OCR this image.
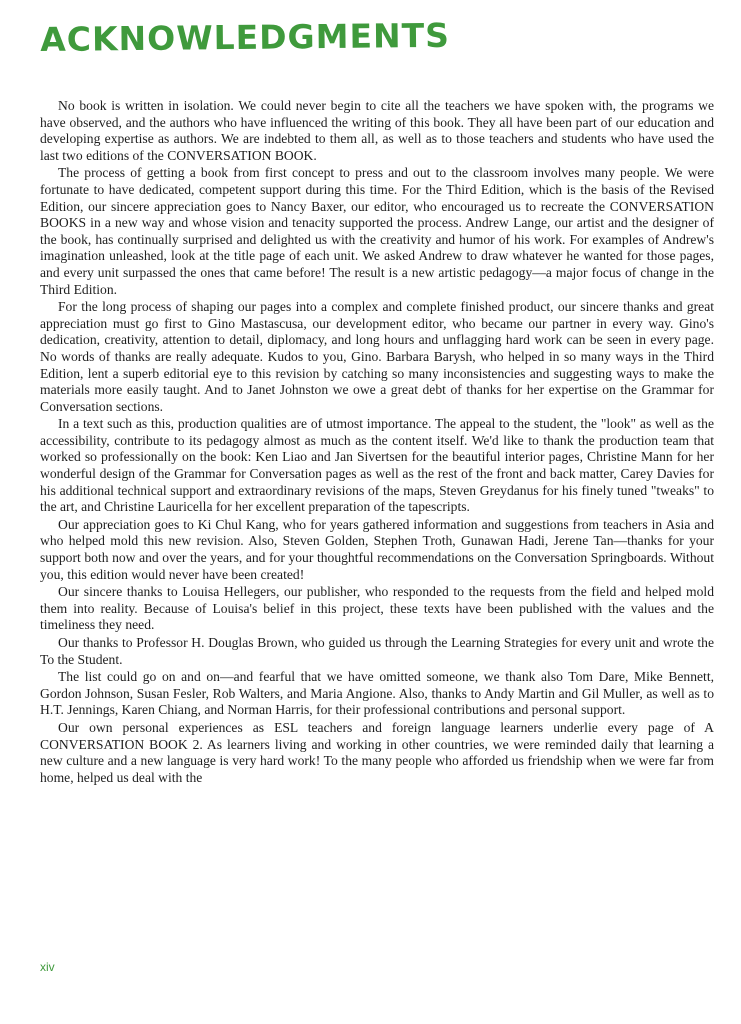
ACKNOWLEDGMENTS

No book is written in isolation. We could never begin to cite all the teachers we have spoken with, the programs we have observed, and the authors who have influenced the writing of this book. They all have been part of our education and developing expertise as authors. We are indebted to them all, as well as to those teachers and students who have used the last two editions of the CONVERSATION BOOK.

The process of getting a book from first concept to press and out to the classroom involves many people. We were fortunate to have dedicated, competent support during this time. For the Third Edition, which is the basis of the Revised Edition, our sincere appreciation goes to Nancy Baxer, our editor, who encouraged us to recreate the CONVERSATION BOOKS in a new way and whose vision and tenacity supported the process. Andrew Lange, our artist and the designer of the book, has continually surprised and delighted us with the creativity and humor of his work. For examples of Andrew's imagination unleashed, look at the title page of each unit. We asked Andrew to draw whatever he wanted for those pages, and every unit surpassed the ones that came before! The result is a new artistic pedagogy—a major focus of change in the Third Edition.

For the long process of shaping our pages into a complex and complete finished product, our sincere thanks and great appreciation must go first to Gino Mastascusa, our development editor, who became our partner in every way. Gino's dedication, creativity, attention to detail, diplomacy, and long hours and unflagging hard work can be seen in every page. No words of thanks are really adequate. Kudos to you, Gino. Barbara Barysh, who helped in so many ways in the Third Edition, lent a superb editorial eye to this revision by catching so many inconsistencies and suggesting ways to make the materials more easily taught. And to Janet Johnston we owe a great debt of thanks for her expertise on the Grammar for Conversation sections.

In a text such as this, production qualities are of utmost importance. The appeal to the student, the "look" as well as the accessibility, contribute to its pedagogy almost as much as the content itself. We'd like to thank the production team that worked so professionally on the book: Ken Liao and Jan Sivertsen for the beautiful interior pages, Christine Mann for her wonderful design of the Grammar for Conversation pages as well as the rest of the front and back matter, Carey Davies for his additional technical support and extraordinary revisions of the maps, Steven Greydanus for his finely tuned "tweaks" to the art, and Christine Lauricella for her excellent preparation of the tapescripts.

Our appreciation goes to Ki Chul Kang, who for years gathered information and suggestions from teachers in Asia and who helped mold this new revision. Also, Steven Golden, Stephen Troth, Gunawan Hadi, Jerene Tan—thanks for your support both now and over the years, and for your thoughtful recommendations on the Conversation Springboards. Without you, this edition would never have been created!

Our sincere thanks to Louisa Hellegers, our publisher, who responded to the requests from the field and helped mold them into reality. Because of Louisa's belief in this project, these texts have been published with the values and the timeliness they need.

Our thanks to Professor H. Douglas Brown, who guided us through the Learning Strategies for every unit and wrote the To the Student.

The list could go on and on—and fearful that we have omitted someone, we thank also Tom Dare, Mike Bennett, Gordon Johnson, Susan Fesler, Rob Walters, and Maria Angione. Also, thanks to Andy Martin and Gil Muller, as well as to H.T. Jennings, Karen Chiang, and Norman Harris, for their professional contributions and personal support.

Our own personal experiences as ESL teachers and foreign language learners underlie every page of A CONVERSATION BOOK 2. As learners living and working in other countries, we were reminded daily that learning a new culture and a new language is very hard work! To the many people who afforded us friendship when we were far from home, helped us deal with the

xiv
